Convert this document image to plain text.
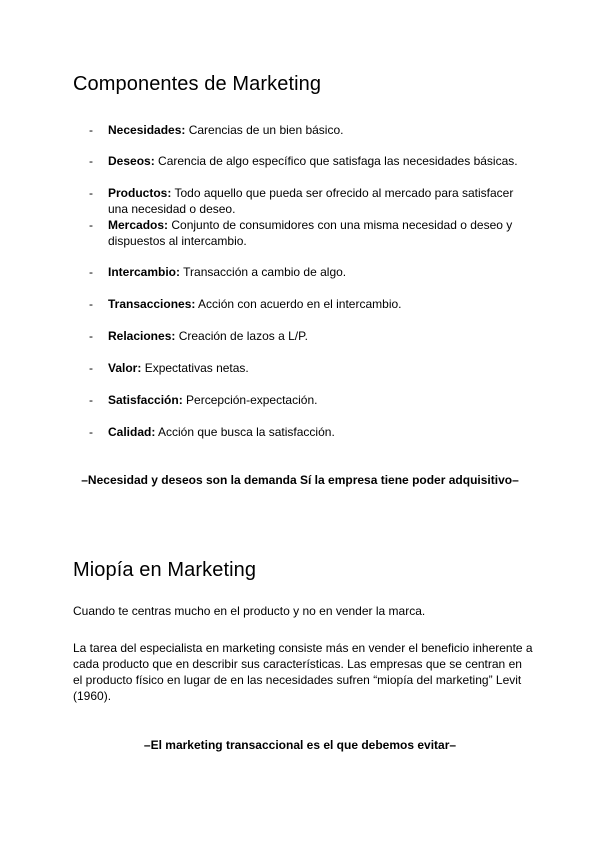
Componentes de Marketing
- Necesidades: Carencias de un bien básico.
- Deseos: Carencia de algo específico que satisfaga las necesidades básicas.
- Productos: Todo aquello que pueda ser ofrecido al mercado para satisfacer una necesidad o deseo.
- Mercados: Conjunto de consumidores con una misma necesidad o deseo y dispuestos al intercambio.
- Intercambio: Transacción a cambio de algo.
- Transacciones: Acción con acuerdo en el intercambio.
- Relaciones: Creación de lazos a L/P.
- Valor: Expectativas netas.
- Satisfacción: Percepción-expectación.
- Calidad: Acción que busca la satisfacción.
–Necesidad y deseos son la demanda Sí la empresa tiene poder adquisitivo–
Miopía en Marketing

Cuando te centras mucho en el producto y no en vender la marca.

La tarea del especialista en marketing consiste más en vender el beneficio inherente a cada producto que en describir sus características. Las empresas que se centran en el producto físico en lugar de en las necesidades sufren “miopía del marketing” Levit (1960).

–El marketing transaccional es el que debemos evitar–
